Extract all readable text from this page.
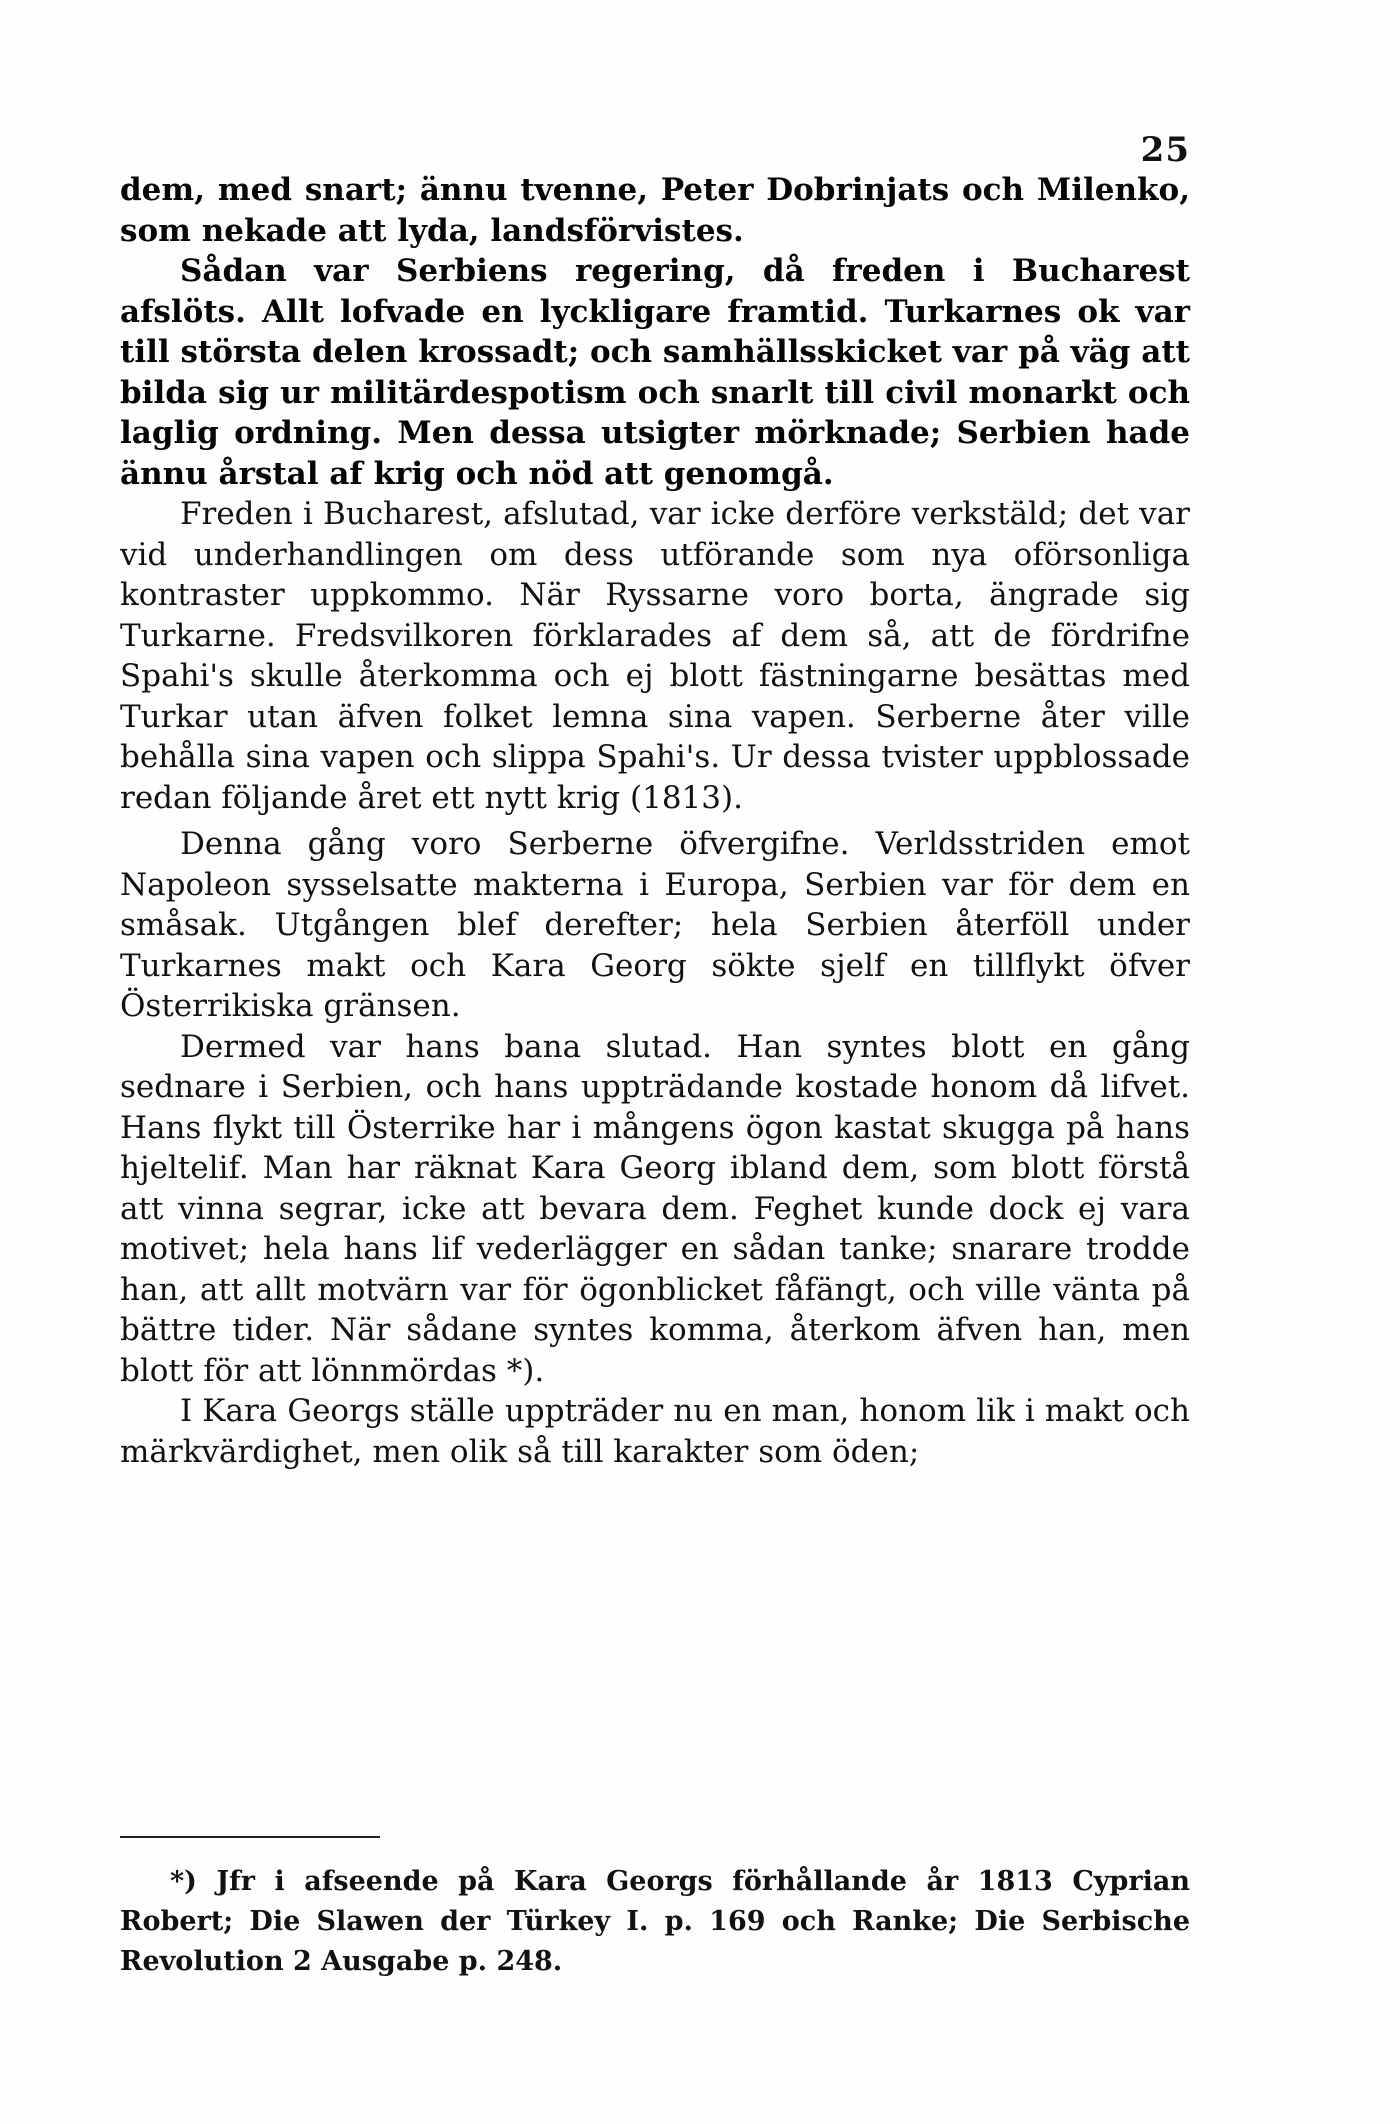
25

dem, med snart; ännu tvenne, Peter Dobrinjats och Milenko, som nekade att lyda, landsförvistes.

Sådan var Serbiens regering, då freden i Bucharest afslöts. Allt lofvade en lyckligare framtid. Turkarnes ok var till största delen krossadt; och samhällsskicket var på väg att bilda sig ur militärdespotism och snarlt till civil monarkt och laglig ordning. Men dessa utsigter mörknade; Serbien hade ännu årstal af krig och nöd att genomgå.

Freden i Bucharest, afslutad, var icke derföre verkstäld; det var vid underhandlingen om dess utförande som nya oförsonliga kontraster uppkommo. När Ryssarne voro borta, ängrade sig Turkarne. Fredsvilkoren förklarades af dem så, att de fördrifne Spahi's skulle återkomma och ej blott fästningarne besättas med Turkar utan äfven folket lemna sina vapen. Serberne åter ville behålla sina vapen och slippa Spahi's. Ur dessa tvister uppblossade redan följande året ett nytt krig (1813).

Denna gång voro Serberne öfvergifne. Verldsstriden emot Napoleon sysselsatte makterna i Europa, Serbien var för dem en småsak. Utgången blef derefter; hela Serbien återföll under Turkarnes makt och Kara Georg sökte sjelf en tillflykt öfver Österrikiska gränsen.

Dermed var hans bana slutad. Han syntes blott en gång sednare i Serbien, och hans uppträdande kostade honom då lifvet. Hans flykt till Österrike har i mångens ögon kastat skugga på hans hjeltelif. Man har räknat Kara Georg ibland dem, som blott förstå att vinna segrar, icke att bevara dem. Feghet kunde dock ej vara motivet; hela hans lif vederlägger en sådan tanke; snarare trodde han, att allt motvärn var för ögonblicket fåfängt, och ville vänta på bättre tider. När sådane syntes komma, återkom äfven han, men blott för att lönnmördas *).

I Kara Georgs ställe uppträder nu en man, honom lik i makt och märkvärdighet, men olik så till karakter som öden;

*) Jfr i afseende på Kara Georgs förhållande år 1813 Cyprian Robert; Die Slawen der Türkey I. p. 169 och Ranke; Die Serbische Revolution 2 Ausgabe p. 248.
